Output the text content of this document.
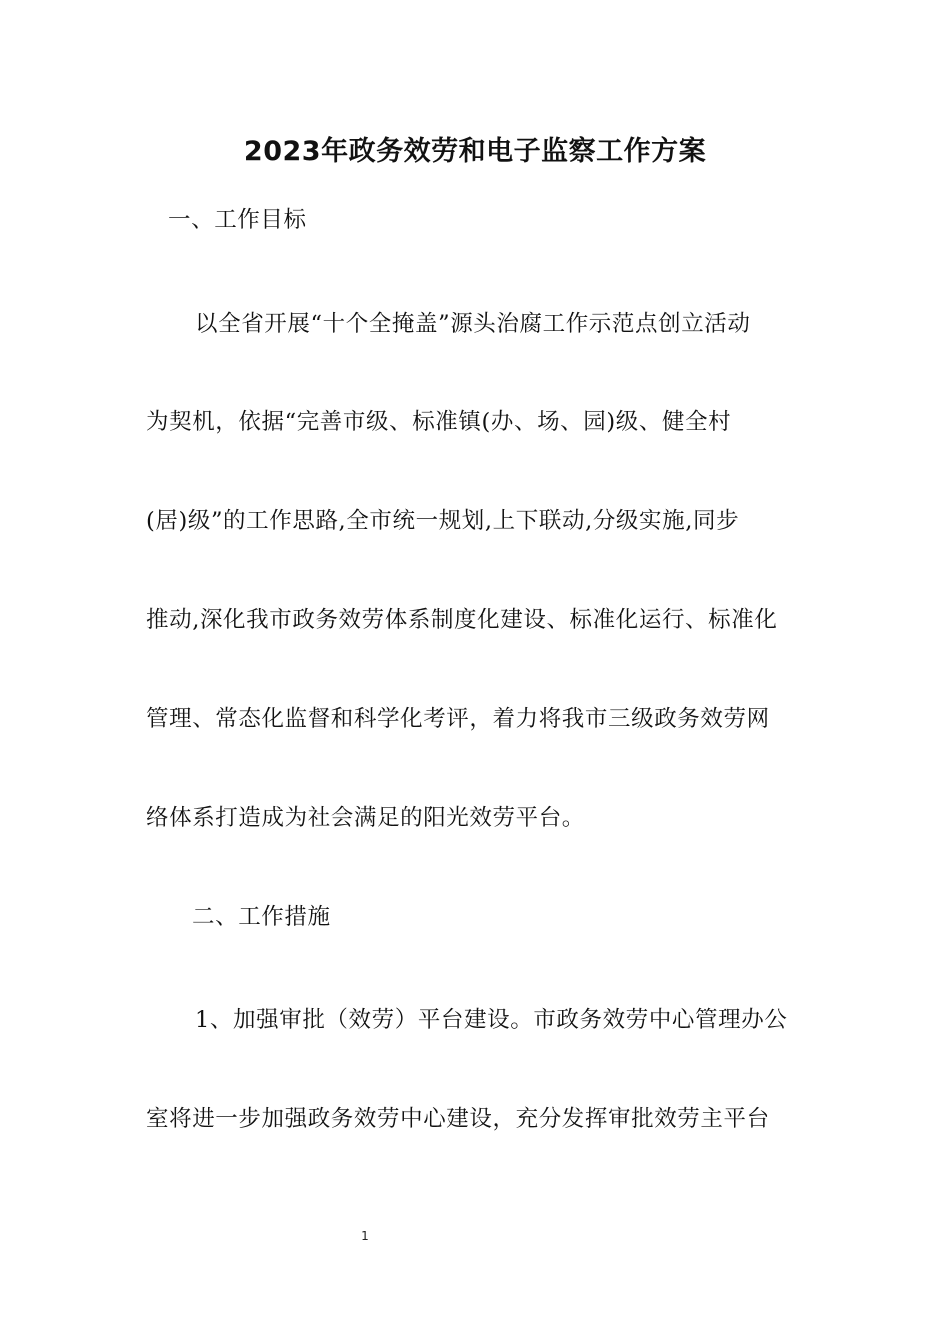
2023年政务效劳和电子监察工作方案
一、工作目标
以全省开展“十个全掩盖”源头治腐工作示范点创立活动
为契机，依据“完善市级、标准镇(办、场、园)级、健全村
(居)级”的工作思路,全市统一规划,上下联动,分级实施,同步
推动,深化我市政务效劳体系制度化建设、标准化运行、标准化
管理、常态化监督和科学化考评，着力将我市三级政务效劳网
络体系打造成为社会满足的阳光效劳平台。
二、工作措施
1、加强审批（效劳）平台建设。市政务效劳中心管理办公
室将进一步加强政务效劳中心建设，充分发挥审批效劳主平台
1
